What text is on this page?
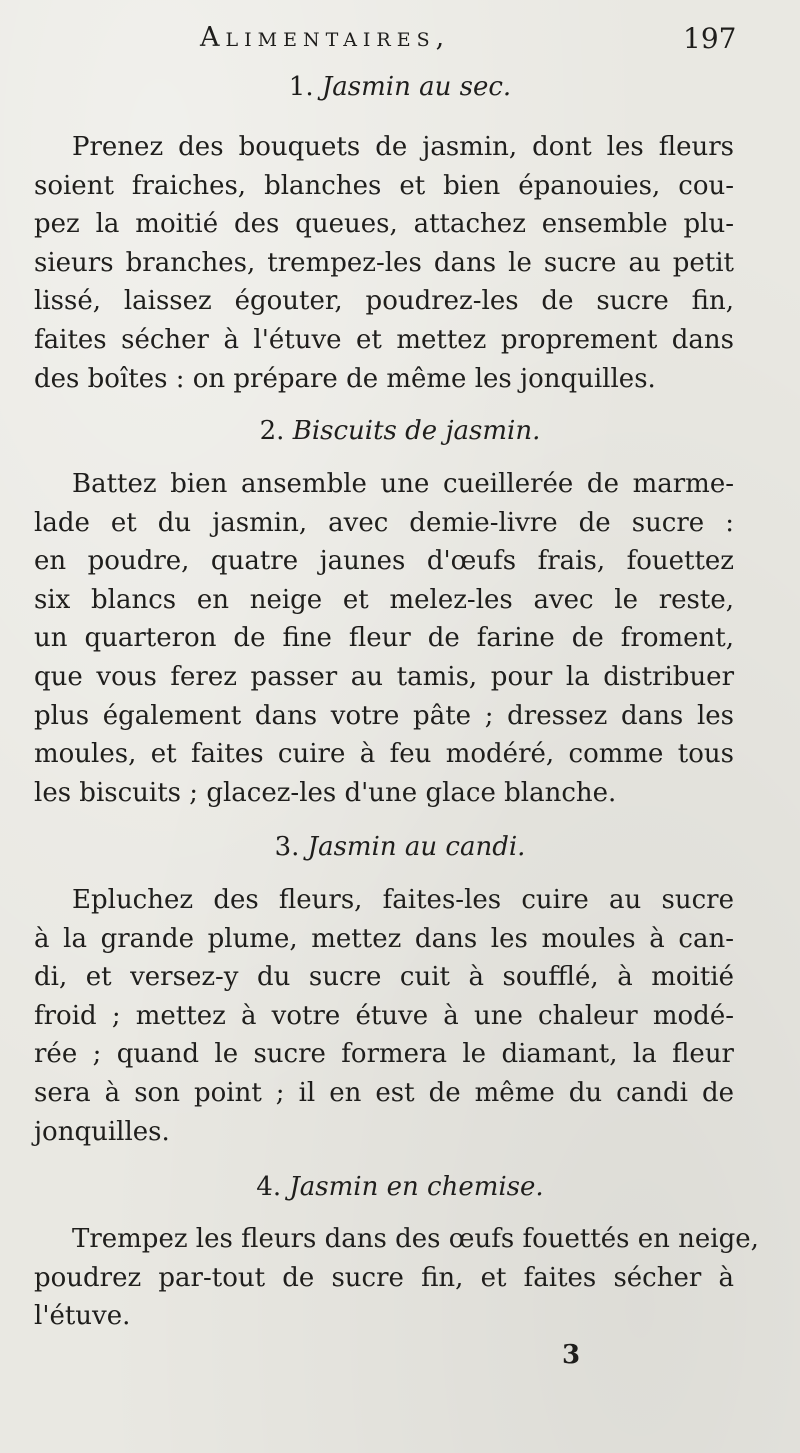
Alimentaires,	197
1. Jasmin au sec.
Prenez des bouquets de jasmin, dont les fleurs
soient fraiches, blanches et bien épanouies, cou-
pez la moitié des queues, attachez ensemble plu-
sieurs branches, trempez-les dans le sucre au petit
lissé, laissez égouter, poudrez-les de sucre fin,
faites sécher à l'étuve et mettez proprement dans
des boîtes : on prépare de même les jonquilles.
2. Biscuits de jasmin.
Battez bien ansemble une cueillerée de marme-
lade et du jasmin, avec demie-livre de sucre :
en poudre, quatre jaunes d'œufs frais, fouettez
six blancs en neige et melez-les avec le reste,
un quarteron de fine fleur de farine de froment,
que vous ferez passer au tamis, pour la distribuer
plus également dans votre pâte ; dressez dans les
moules, et faites cuire à feu modéré, comme tous
les biscuits ; glacez-les d'une glace blanche.
3. Jasmin au candi.
Epluchez des fleurs, faites-les cuire au sucre
à la grande plume, mettez dans les moules à can-
di, et versez-y du sucre cuit à soufflé, à moitié
froid ; mettez à votre étuve à une chaleur modé-
rée ; quand le sucre formera le diamant, la fleur
sera à son point ; il en est de même du candi de
jonquilles.
4. Jasmin en chemise.
Trempez les fleurs dans des œufs fouettés en neige,
poudrez par-tout de sucre fin, et faites sécher à
l'étuve.
3
